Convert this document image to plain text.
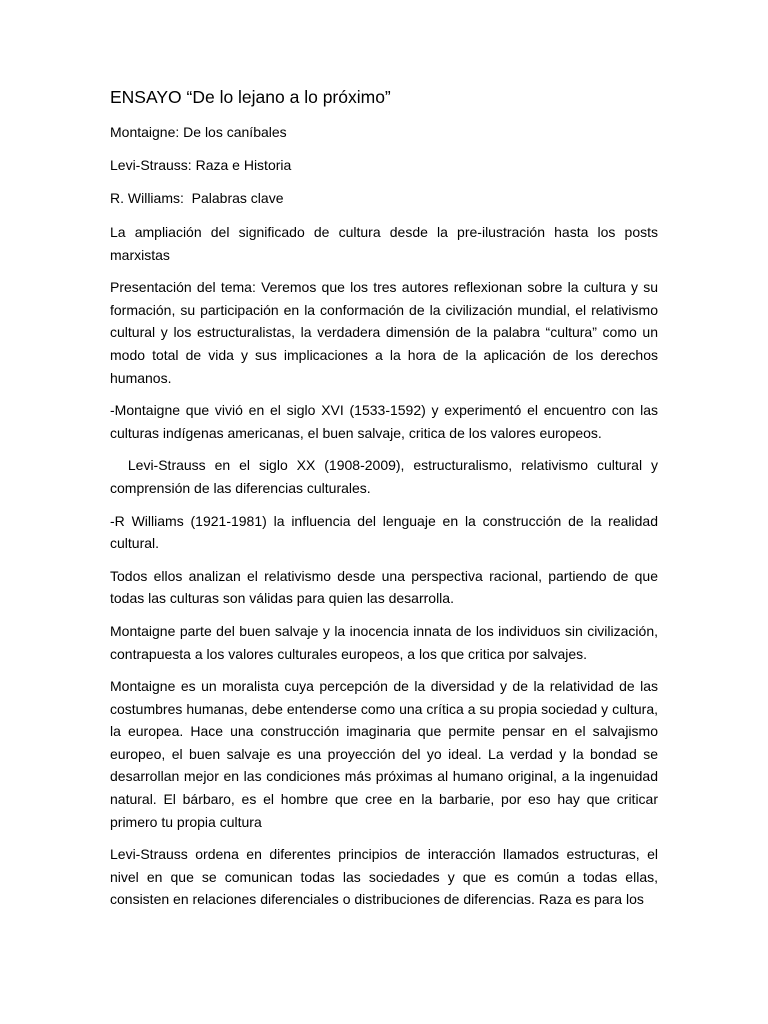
ENSAYO “De lo lejano a lo próximo”
Montaigne: De los caníbales
Levi-Strauss: Raza e Historia
R. Williams:  Palabras clave

La ampliación del significado de cultura desde la pre-ilustración hasta los posts marxistas

Presentación del tema: Veremos que los tres autores reflexionan sobre la cultura y su formación, su participación en la conformación de la civilización mundial, el relativismo cultural y los estructuralistas, la verdadera dimensión de la palabra “cultura” como un modo total de vida y sus implicaciones a la hora de la aplicación de los derechos humanos.

-Montaigne que vivió en el siglo XVI (1533-1592) y experimentó el encuentro con las culturas indígenas americanas, el buen salvaje, critica de los valores europeos.

Levi-Strauss en el siglo XX (1908-2009), estructuralismo, relativismo cultural y comprensión de las diferencias culturales.

-R Williams (1921-1981) la influencia del lenguaje en la construcción de la realidad cultural.

Todos ellos analizan el relativismo desde una perspectiva racional, partiendo de que todas las culturas son válidas para quien las desarrolla.

Montaigne parte del buen salvaje y la inocencia innata de los individuos sin civilización, contrapuesta a los valores culturales europeos, a los que critica por salvajes.

Montaigne es un moralista cuya percepción de la diversidad y de la relatividad de las costumbres humanas, debe entenderse como una crítica a su propia sociedad y cultura, la europea. Hace una construcción imaginaria que permite pensar en el salvajismo europeo, el buen salvaje es una proyección del yo ideal. La verdad y la bondad se desarrollan mejor en las condiciones más próximas al humano original, a la ingenuidad natural. El bárbaro, es el hombre que cree en la barbarie, por eso hay que criticar primero tu propia cultura

Levi-Strauss ordena en diferentes principios de interacción llamados estructuras, el nivel en que se comunican todas las sociedades y que es común a todas ellas, consisten en relaciones diferenciales o distribuciones de diferencias. Raza es para los
